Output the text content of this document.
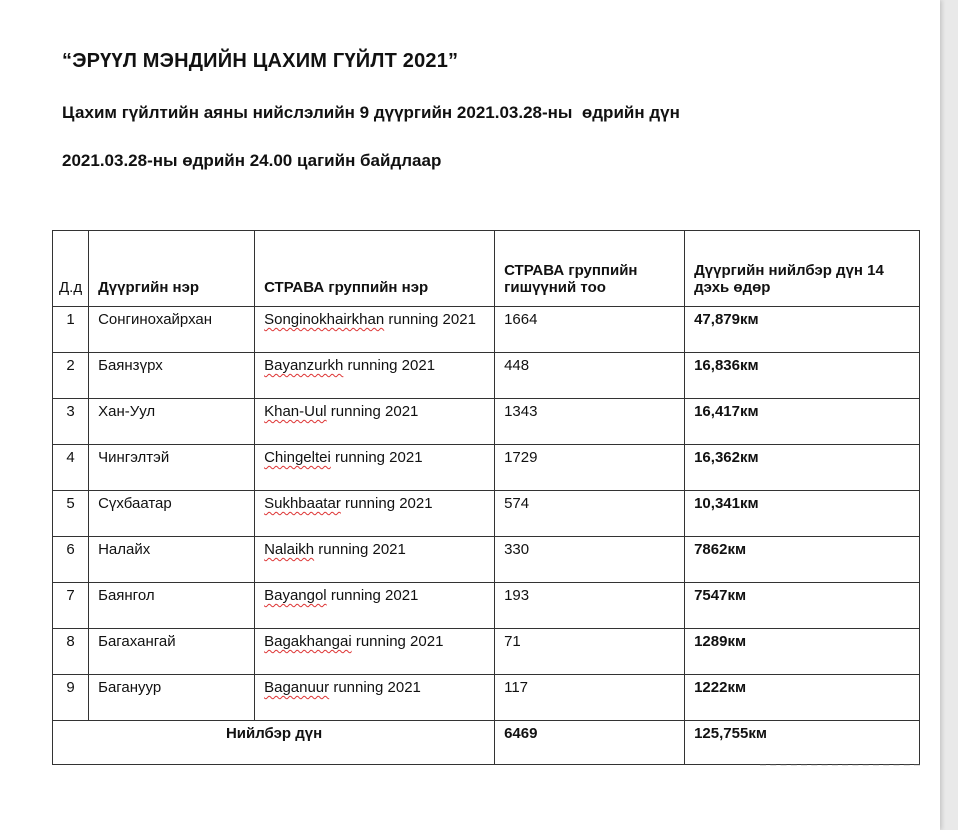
“ЭРҮҮЛ МЭНДИЙН ЦАХИМ ГҮЙЛТ 2021”
Цахим гүйлтийн аяны нийслэлийн 9 дүүргийн 2021.03.28-ны  өдрийн дүн
2021.03.28-ны өдрийн 24.00 цагийн байдлаар
Д.д	Дүүргийн нэр	СТРАВА группийн нэр	СТРАВА группийн гишүүний тоо	Дүүргийн нийлбэр дүн 14 дэхь өдөр
1	Сонгинохайрхан	Songinokhairkhan running 2021	1664	47,879км
2	Баянзүрх	Bayanzurkh running 2021	448	16,836км
3	Хан-Уул	Khan-Uul running 2021	1343	16,417км
4	Чингэлтэй	Chingeltei running 2021	1729	16,362км
5	Сүхбаатар	Sukhbaatar running 2021	574	10,341км
6	Налайх	Nalaikh running 2021	330	7862км
7	Баянгол	Bayangol running 2021	193	7547км
8	Багахангай	Bagakhangai running 2021	71	1289км
9	Багануур	Baganuur running 2021	117	1222км
Нийлбэр дүн			6469	125,755км
